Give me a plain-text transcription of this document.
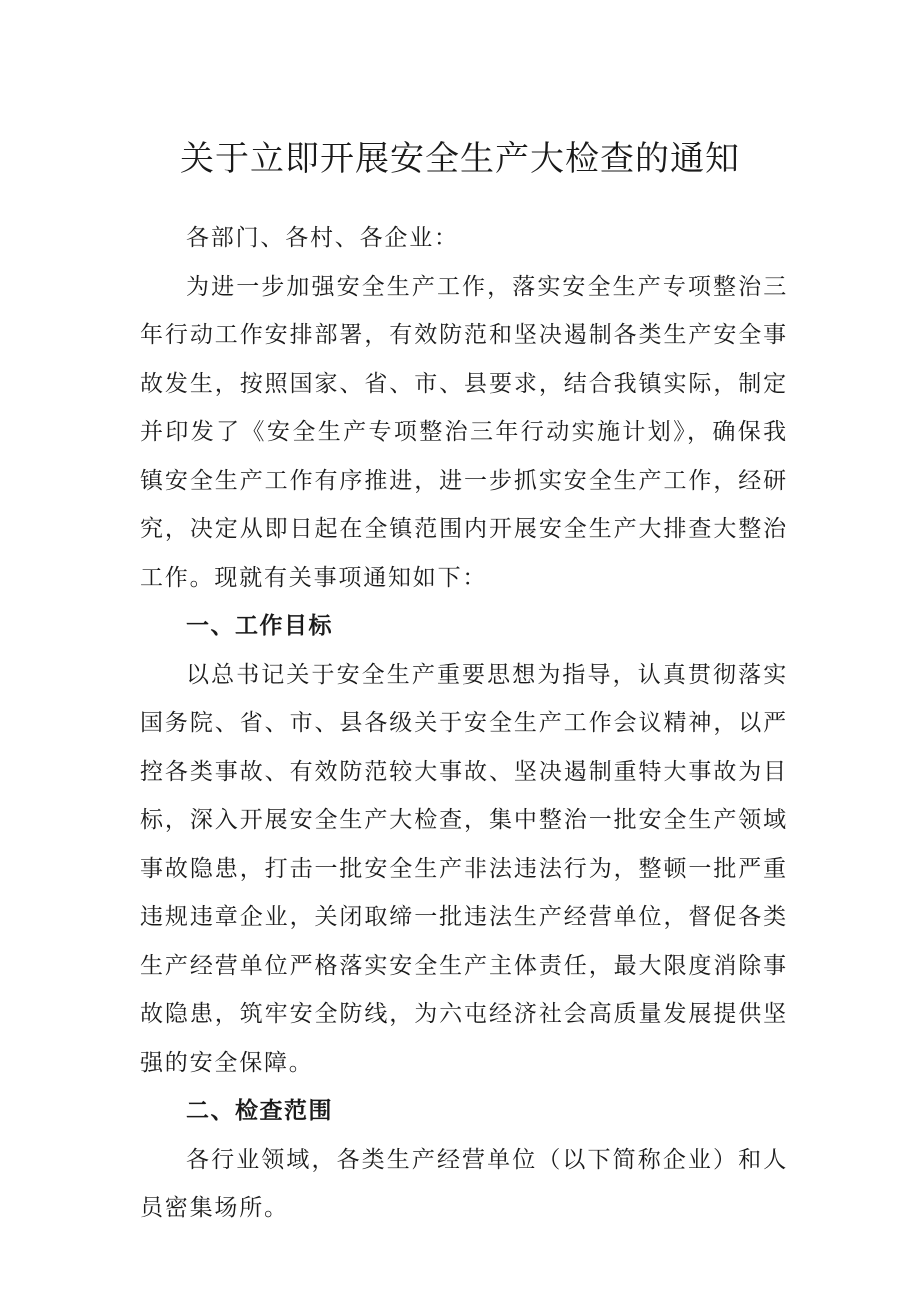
关于立即开展安全生产大检查的通知

各部门、各村、各企业：

为进一步加强安全生产工作，落实安全生产专项整治三年行动工作安排部署，有效防范和坚决遏制各类生产安全事故发生，按照国家、省、市、县要求，结合我镇实际，制定并印发了《安全生产专项整治三年行动实施计划》，确保我镇安全生产工作有序推进，进一步抓实安全生产工作，经研究，决定从即日起在全镇范围内开展安全生产大排查大整治工作。现就有关事项通知如下：

一、工作目标

以总书记关于安全生产重要思想为指导，认真贯彻落实国务院、省、市、县各级关于安全生产工作会议精神，以严控各类事故、有效防范较大事故、坚决遏制重特大事故为目标，深入开展安全生产大检查，集中整治一批安全生产领域事故隐患，打击一批安全生产非法违法行为，整顿一批严重违规违章企业，关闭取缔一批违法生产经营单位，督促各类生产经营单位严格落实安全生产主体责任，最大限度消除事故隐患，筑牢安全防线，为六屯经济社会高质量发展提供坚强的安全保障。

二、检查范围

各行业领域，各类生产经营单位（以下简称企业）和人员密集场所。
